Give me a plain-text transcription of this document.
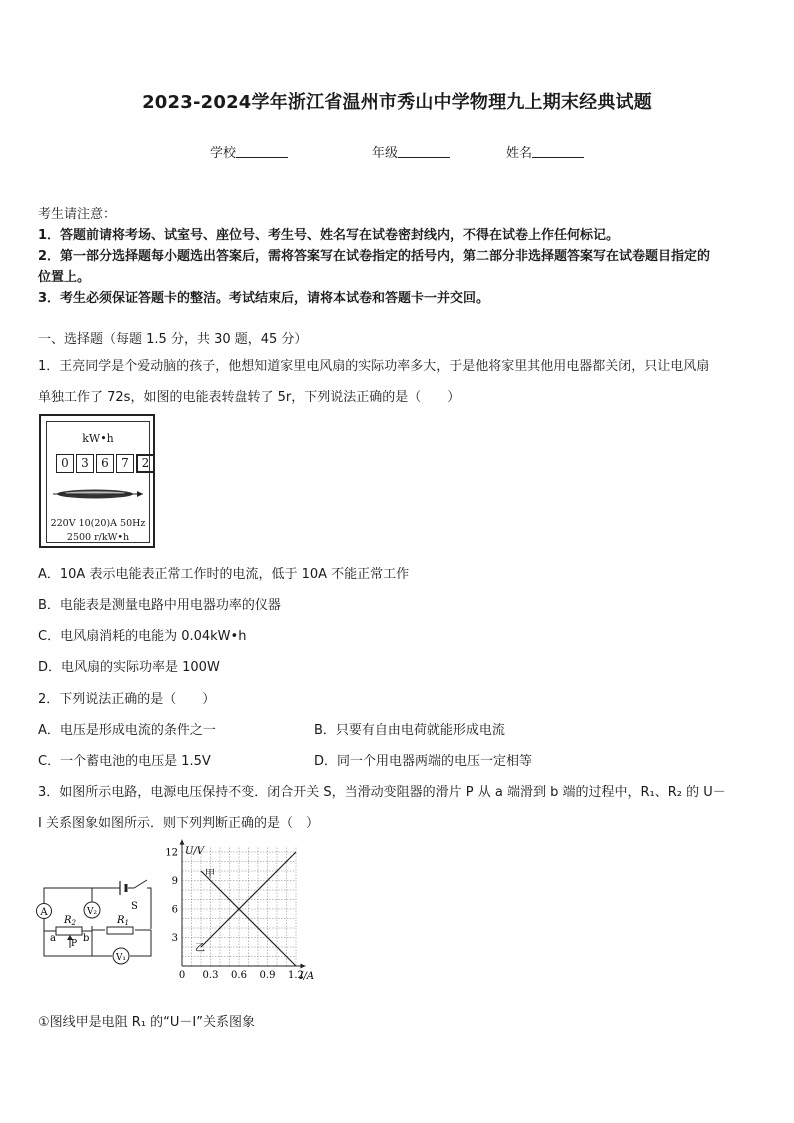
2023-2024学年浙江省温州市秀山中学物理九上期末经典试题
学校	年级	姓名
考生请注意：
1．答题前请将考场、试室号、座位号、考生号、姓名写在试卷密封线内，不得在试卷上作任何标记。
2．第一部分选择题每小题选出答案后，需将答案写在试卷指定的括号内，第二部分非选择题答案写在试卷题目指定的
位置上。
3．考生必须保证答题卡的整洁。考试结束后，请将本试卷和答题卡一并交回。
一、选择题（每题 1.5 分，共 30 题，45 分）
1．王亮同学是个爱动脑的孩子，他想知道家里电风扇的实际功率多大，于是他将家里其他用电器都关闭，只让电风扇
单独工作了 72s，如图的电能表转盘转了 5r，下列说法正确的是（　　）
kW•h
0	3	6	7	2
220V 10(20)A 50Hz
2500 r/kW•h
A．10A 表示电能表正常工作时的电流，低于 10A 不能正常工作
B．电能表是测量电路中用电器功率的仪器
C．电风扇消耗的电能为 0.04kW•h
D．电风扇的实际功率是 100W
2．下列说法正确的是（　　）
A．电压是形成电流的条件之一	B．只要有自由电荷就能形成电流
C．一个蓄电池的电压是 1.5V	D．同一个用电器两端的电压一定相等
3．如图所示电路，电源电压保持不变．闭合开关 S，当滑动变阻器的滑片 P 从 a 端滑到 b 端的过程中，R₁、R₂ 的 U－
I 关系图象如图所示．则下列判断正确的是（　）
A	V₂
V₁
S
$R_2$	$R_1$
a	b
P
0 0.3 0.6 0.9 1.2
3
6
9
12
I/A
U/V
甲
乙
①图线甲是电阻 R₁ 的“U－I”关系图象
